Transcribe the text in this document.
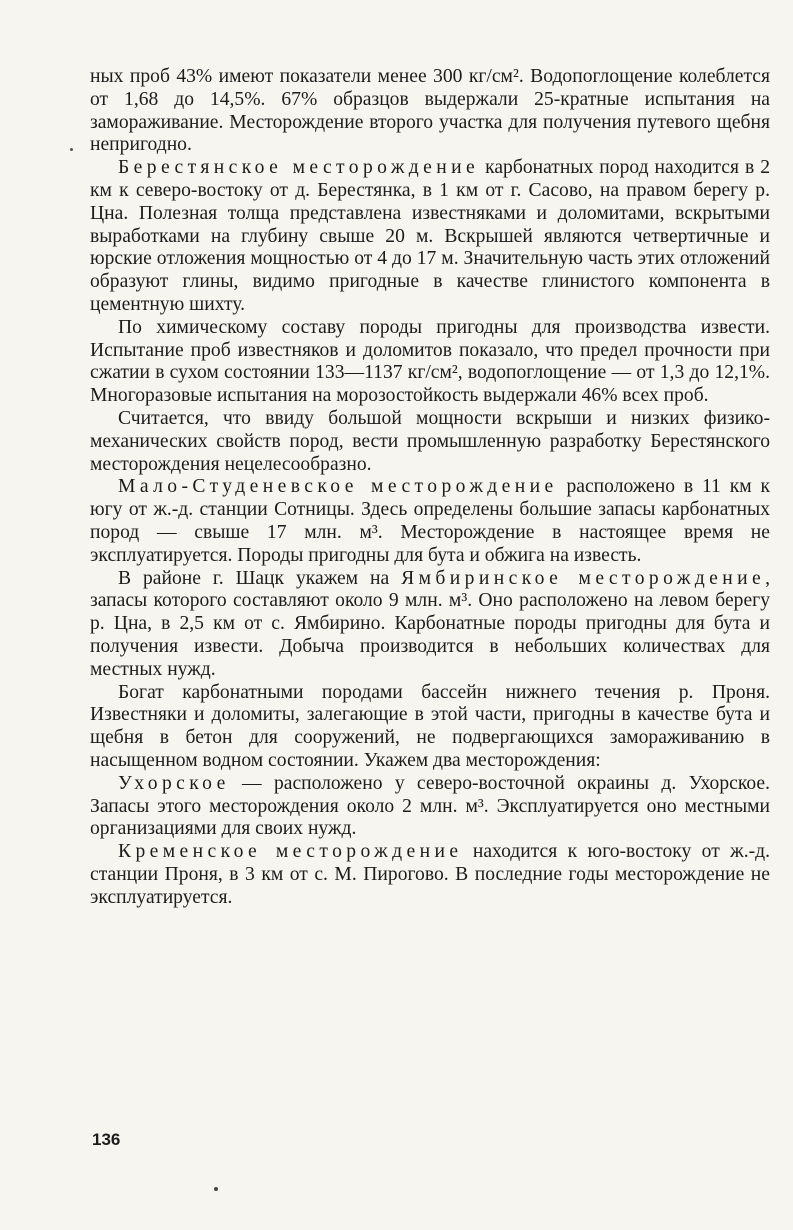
ных проб 43% имеют показатели менее 300 кг/см². Водопоглощение колеблется от 1,68 до 14,5%. 67% образцов выдержали 25-кратные испытания на замораживание. Месторождение второго участка для получения путевого щебня непригодно.

Берестянское месторождение карбонатных пород находится в 2 км к северо-востоку от д. Берестянка, в 1 км от г. Сасово, на правом берегу р. Цна. Полезная толща представлена известняками и доломитами, вскрытыми выработками на глубину свыше 20 м. Вскрышей являются четвертичные и юрские отложения мощностью от 4 до 17 м. Значительную часть этих отложений образуют глины, видимо пригодные в качестве глинистого компонента в цементную шихту.

По химическому составу породы пригодны для производства извести. Испытание проб известняков и доломитов показало, что предел прочности при сжатии в сухом состоянии 133—1137 кг/см², водопоглощение — от 1,3 до 12,1%. Многоразовые испытания на морозостойкость выдержали 46% всех проб.

Считается, что ввиду большой мощности вскрыши и низких физико-механических свойств пород, вести промышленную разработку Берестянского месторождения нецелесообразно.

Мало-Студеневское месторождение расположено в 11 км к югу от ж.-д. станции Сотницы. Здесь определены большие запасы карбонатных пород — свыше 17 млн. м³. Месторождение в настоящее время не эксплуатируется. Породы пригодны для бута и обжига на известь.

В районе г. Шацк укажем на Ямбиринское месторождение, запасы которого составляют около 9 млн. м³. Оно расположено на левом берегу р. Цна, в 2,5 км от с. Ямбирино. Карбонатные породы пригодны для бута и получения извести. Добыча производится в небольших количествах для местных нужд.

Богат карбонатными породами бассейн нижнего течения р. Проня. Известняки и доломиты, залегающие в этой части, пригодны в качестве бута и щебня в бетон для сооружений, не подвергающихся замораживанию в насыщенном водном состоянии. Укажем два месторождения:

Ухорское — расположено у северо-восточной окраины д. Ухорское. Запасы этого месторождения около 2 млн. м³. Эксплуатируется оно местными организациями для своих нужд.

Кременское месторождение находится к юго-востоку от ж.-д. станции Проня, в 3 км от с. М. Пирогово. В последние годы месторождение не эксплуатируется.

136
